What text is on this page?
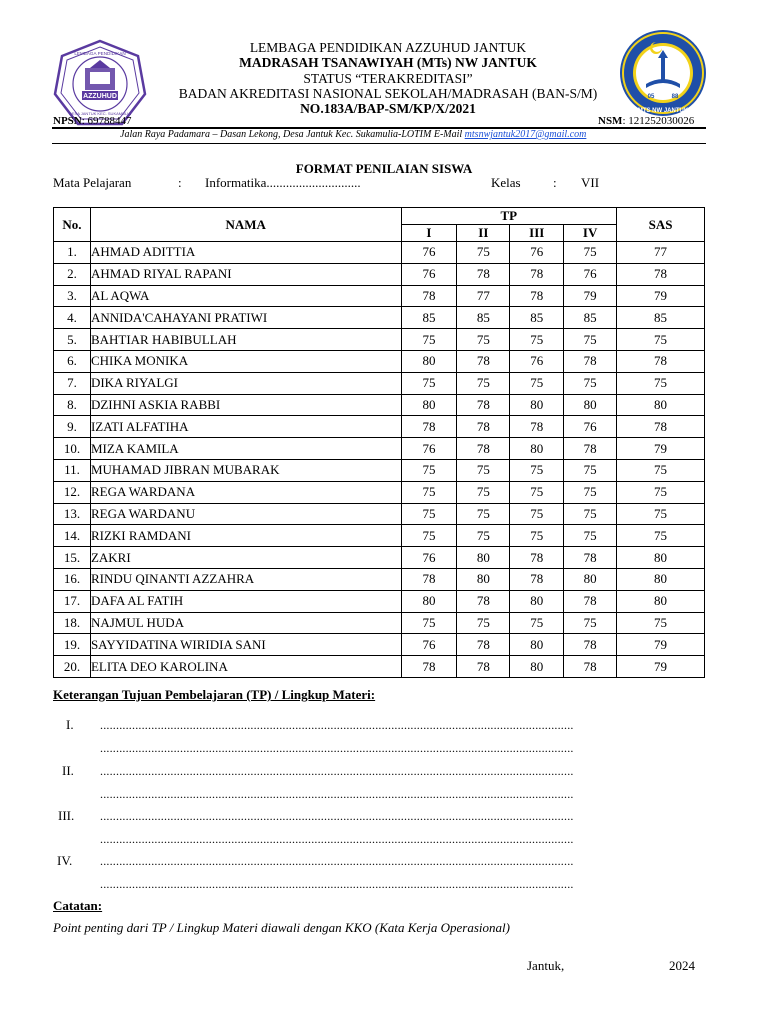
AZZUHUD
LEMBAGA PENDIDIKAN
DESA JANTUK KEC. SUKAMULIA
05	88
MTS NW JANTUK
LEMBAGA PENDIDIKAN AZZUHUD JANTUK
MADRASAH TSANAWIYAH (MTs) NW JANTUK
STATUS “TERAKREDITASI”
BADAN AKREDITASI NASIONAL SEKOLAH/MADRASAH (BAN-S/M)
NO.183A/BAP-SM/KP/X/2021
NPSN: 69788447	NSM: 121252030026
Jalan Raya Padamara – Dasan Lekong, Desa Jantuk Kec. Sukamulia-LOTIM E-Mail mtsnwjantuk2017@gmail.com
FORMAT PENILAIAN SISWA
Mata Pelajaran	: Informatika.............................	Kelas : VII
No.	NAMA	TP				SAS
		I	II	III	IV	
1.	AHMAD ADITTIA	76	75	76	75	77
2.	AHMAD RIYAL RAPANI	76	78	78	76	78
3.	AL AQWA	78	77	78	79	79
4.	ANNIDA'CAHAYANI PRATIWI	85	85	85	85	85
5.	BAHTIAR HABIBULLAH	75	75	75	75	75
6.	CHIKA MONIKA	80	78	76	78	78
7.	DIKA RIYALGI	75	75	75	75	75
8.	DZIHNI ASKIA RABBI	80	78	80	80	80
9.	IZATI ALFATIHA	78	78	78	76	78
10.	MIZA KAMILA	76	78	80	78	79
11.	MUHAMAD JIBRAN MUBARAK	75	75	75	75	75
12.	REGA WARDANA	75	75	75	75	75
13.	REGA WARDANU	75	75	75	75	75
14.	RIZKI RAMDANI	75	75	75	75	75
15.	ZAKRI	76	80	78	78	80
16.	RINDU QINANTI AZZAHRA	78	80	78	80	80
17.	DAFA AL FATIH	80	78	80	78	80
18.	NAJMUL HUDA	75	75	75	75	75
19.	SAYYIDATINA WIRIDIA SANI	76	78	80	78	79
20.	ELITA DEO KAROLINA	78	78	80	78	79
Keterangan Tujuan Pembelajaran (TP) / Lingkup Materi:
I. ....................................................................................................................................................
....................................................................................................................................................
II. ....................................................................................................................................................
....................................................................................................................................................
III. ....................................................................................................................................................
....................................................................................................................................................
IV. ....................................................................................................................................................
....................................................................................................................................................
Catatan:
Point penting dari TP / Lingkup Materi diawali dengan KKO (Kata Kerja Operasional)
Jantuk,	2024
